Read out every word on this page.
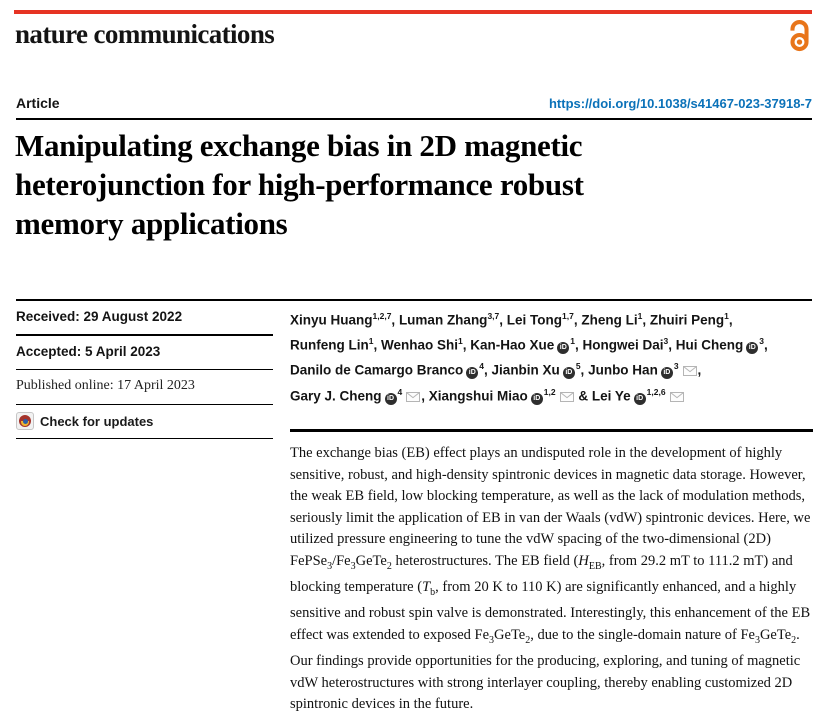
nature communications
Article	https://doi.org/10.1038/s41467-023-37918-7
Manipulating exchange bias in 2D magnetic
heterojunction for high-performance robust
memory applications
Received: 29 August 2022
Accepted: 5 April 2023
Published online: 17 April 2023
Check for updates
Xinyu Huang$^{1,2,7}$, Luman Zhang$^{3,7}$, Lei Tong$^{1,7}$, Zheng Li$^1$, Zhuiri Peng$^1$,
Runfeng Lin$^1$, Wenhao Shi$^1$, Kan-Hao Xue $iD^1$, Hongwei Dai$^3$, Hui Cheng $iD^3$,
Danilo de Camargo Branco $iD^4$, Jianbin Xu $iD^5$, Junbo Han $iD^3$ ,
Gary J. Cheng $iD^4$ , Xiangshui Miao iD$^{1,2}$ & Lei Ye iD$^{1,2,6}$
The exchange bias (EB) effect plays an undisputed role in the development of highly sensitive, robust, and high-density spintronic devices in magnetic data storage. However, the weak EB field, low blocking temperature, as well as the lack of modulation methods, seriously limit the application of EB in van der Waals (vdW) spintronic devices. Here, we utilized pressure engineering to tune the vdW spacing of the two-dimensional (2D) $FePSe_3/Fe_3GeTe_2$ heterostructures. The EB field ($H_{EB}$, from 29.2 mT to 111.2 mT) and blocking temperature ($T_b$, from 20 K to 110 K) are significantly enhanced, and a highly sensitive and robust spin valve is demonstrated. Interestingly, this enhancement of the EB effect was extended to exposed $Fe_3GeTe_2$, due to the single-domain nature of $Fe_3GeTe_2$. Our findings provide opportunities for the producing, exploring, and tuning of magnetic vdW heterostructures with strong interlayer coupling, thereby enabling customized 2D spintronic devices in the future.
